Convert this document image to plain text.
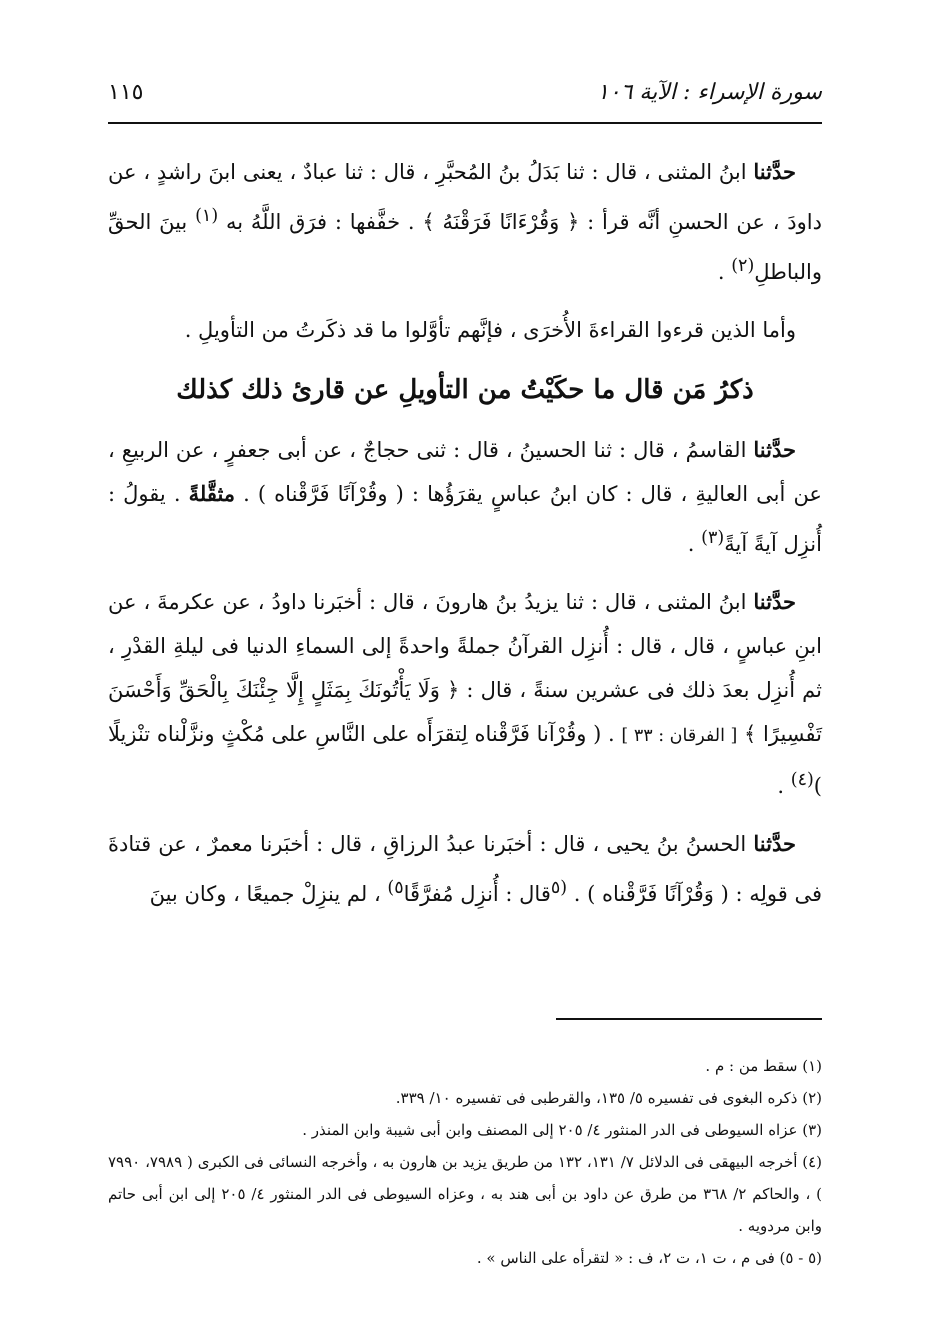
سورة الإسراء : الآية ١٠٦
١١٥

حدَّثنا ابنُ المثنى ، قال : ثنا بَدَلُ بنُ المُحبَّرِ ، قال : ثنا عبادٌ ، يعنى ابنَ راشدٍ ، عن داودَ ، عن الحسنِ أنَّه قرأ : ﴿ وَقُرْءَانًا فَرَقْنَهُ ﴾ . خفَّفها : فرَق اللَّهُ به $^{(١)}$ بينَ الحقِّ والباطلِ$^{(٢)}$ .

وأما الذين قرءوا القراءةَ الأُخرَى ، فإنَّهم تأوَّلوا ما قد ذكَرتُ من التأويلِ .

ذكرُ مَن قال ما حكَيْتُ من التأويلِ عن قارئ ذلك كذلك

حدَّثنا القاسمُ ، قال : ثنا الحسينُ ، قال : ثنى حجاجٌ ، عن أبى جعفرٍ ، عن الربيعِ ، عن أبى العاليةِ ، قال : كان ابنُ عباسٍ يقرَؤُها : ( وقُرْآنًا فَرَّقْناه ) . مثقَّلةً . يقولُ : أُنزِل آيةً آيةً$^{(٣)}$ .

حدَّثنا ابنُ المثنى ، قال : ثنا يزيدُ بنُ هارونَ ، قال : أخبَرنا داودُ ، عن عكرمةَ ، عن ابنِ عباسٍ ، قال ، قال : أُنزِل القرآنُ جملةً واحدةً إلى السماءِ الدنيا فى ليلةِ القدْرِ ، ثم أُنزِل بعدَ ذلك فى عشرين سنةً ، قال : ﴿ وَلَا يَأْتُونَكَ بِمَثَلٍ إِلَّا جِئْنَكَ بِالْحَقِّ وَأَحْسَنَ تَفْسِيرًا ﴾ [ الفرقان : ٣٣ ] . ( وقُرْآنا فَرَّقْناه لِتقرَأَه على النَّاسِ على مُكْثٍ ونزَّلْناه تنْزيلًا )$^{(٤)}$ .

حدَّثنا الحسنُ بنُ يحيى ، قال : أخبَرنا عبدُ الرزاقِ ، قال : أخبَرنا معمرٌ ، عن قتادةَ فى قولِه : ( وَقُرْآنًا فَرَّقْناه ) . $^{(٥}$قال : أُنزِل مُفرَّقًا$^{٥)}$ ، لم ينزِلْ جميعًا ، وكان بينَ

(١) سقط من : م .

(٢) ذكره البغوى فى تفسيره ٥/ ١٣٥، والقرطبى فى تفسيره ١٠/ ٣٣٩.

(٣) عزاه السيوطى فى الدر المنثور ٤/ ٢٠٥ إلى المصنف وابن أبى شيبة وابن المنذر .

(٤) أخرجه البيهقى فى الدلائل ٧/ ١٣١، ١٣٢ من طريق يزيد بن هارون به ، وأخرجه النسائى فى الكبرى ( ٧٩٨٩، ٧٩٩٠ ) ، والحاكم ٢/ ٣٦٨ من طرق عن داود بن أبى هند به ، وعزاه السيوطى فى الدر المنثور ٤/ ٢٠٥ إلى ابن أبى حاتم وابن مردويه .

(٥ - ٥) فى م ، ت ١، ت ٢، ف : « لتقرأه على الناس » .
